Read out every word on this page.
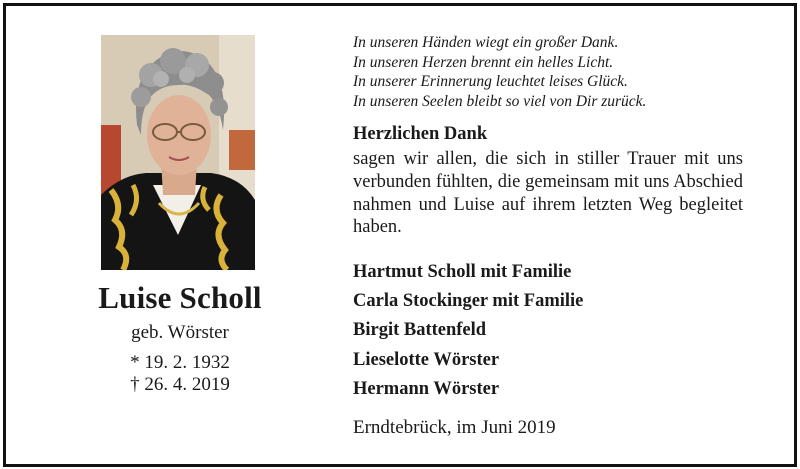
Luise Scholl
geb. Wörster
* 19. 2. 1932
† 26. 4. 2019
In unseren Händen wiegt ein großer Dank.
In unseren Herzen brennt ein helles Licht.
In unserer Erinnerung leuchtet leises Glück.
In unseren Seelen bleibt so viel von Dir zurück.
Herzlichen Dank
sagen wir allen, die sich in stiller Trauer mit uns verbunden fühlten, die gemeinsam mit uns Abschied nahmen und Luise auf ihrem letzten Weg begleitet haben.
Hartmut Scholl mit Familie
Carla Stockinger mit Familie
Birgit Battenfeld
Lieselotte Wörster
Hermann Wörster
Erndtebrück, im Juni 2019
